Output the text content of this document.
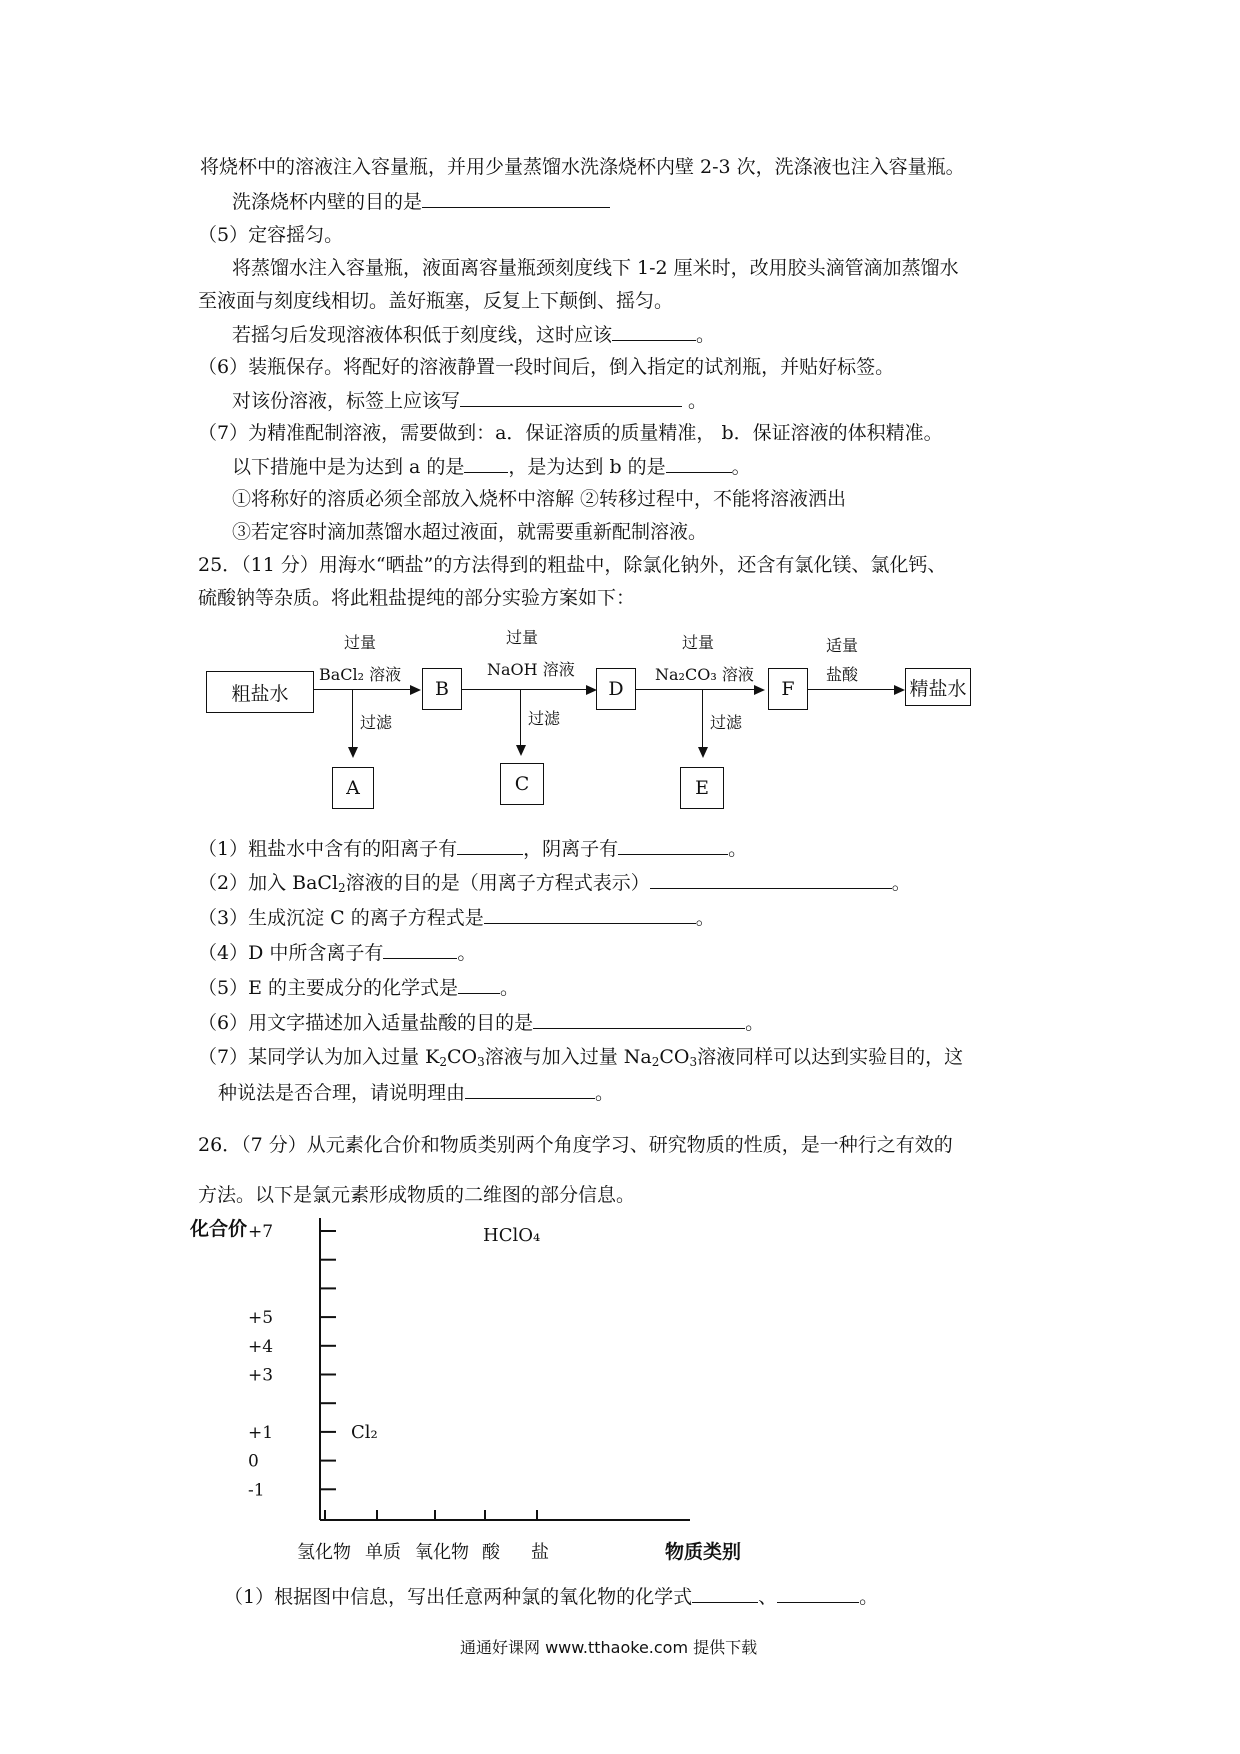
将烧杯中的溶液注入容量瓶，并用少量蒸馏水洗涤烧杯内壁 2-3 次，洗涤液也注入容量瓶。
洗涤烧杯内壁的目的是
（5）定容摇匀。
将蒸馏水注入容量瓶，液面离容量瓶颈刻度线下 1-2 厘米时，改用胶头滴管滴加蒸馏水
至液面与刻度线相切。盖好瓶塞，反复上下颠倒、摇匀。
若摇匀后发现溶液体积低于刻度线，这时应该	。
（6）装瓶保存。将配好的溶液静置一段时间后，倒入指定的试剂瓶，并贴好标签。
对该份溶液，标签上应该写	。
（7）为精准配制溶液，需要做到：a．保证溶质的质量精准， b．保证溶液的体积精准。
以下措施中是为达到 a 的是 ，是为达到 b 的是	。
①将称好的溶质必须全部放入烧杯中溶解 ②转移过程中，不能将溶液洒出
③若定容时滴加蒸馏水超过液面，就需要重新配制溶液。
25．（11 分）用海水“晒盐”的方法得到的粗盐中，除氯化钠外，还含有氯化镁、氯化钙、
硫酸钠等杂质。将此粗盐提纯的部分实验方案如下：
粗盐水
过量
BaCl₂ 溶液
过滤
A
B
过量
NaOH 溶液
过滤
C
D
过量
Na₂CO₃ 溶液
过滤
E
F
适量
盐酸
精盐水
（1）粗盐水中含有的阳离子有	，阴离子有	。
（2）加入 BaCl$_2$溶液的目的是（用离子方程式表示）	。
（3）生成沉淀 C 的离子方程式是	。
（4）D 中所含离子有	。
（5）E 的主要成分的化学式是 。
（6）用文字描述加入适量盐酸的目的是	。
（7）某同学认为加入过量 $K_2CO_3$溶液与加入过量 $Na_2CO_3$溶液同样可以达到实验目的，这
种说法是否合理，请说明理由	。
26．（7 分）从元素化合价和物质类别两个角度学习、研究物质的性质，是一种行之有效的
方法。以下是氯元素形成物质的二维图的部分信息。
化合价
物质类别
+7
+5
+4
+3
+1
0
-1
氢化物 单质 氧化物 酸 盐
HClO₄
Cl₂
（1）根据图中信息，写出任意两种氯的氧化物的化学式	、	。
通通好课网 www.tthaoke.com 提供下载
